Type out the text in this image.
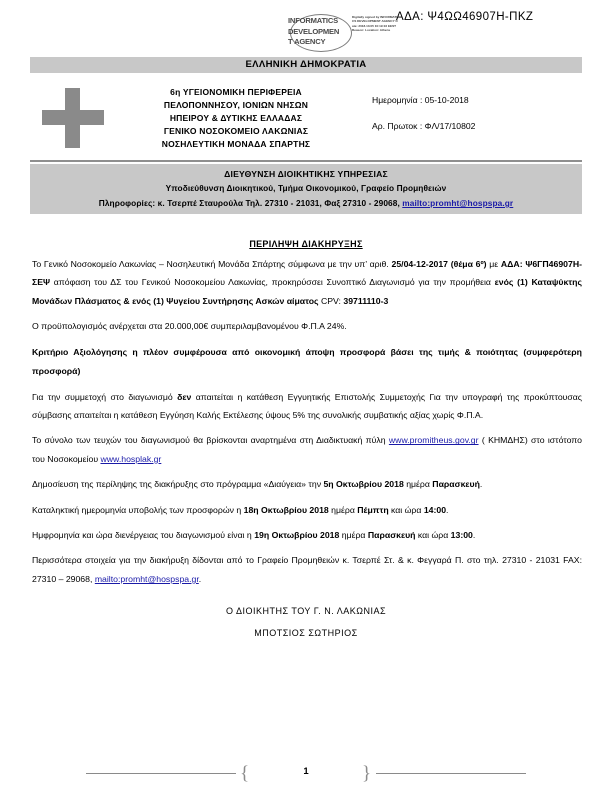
INFORMATICS
DEVELOPMEN
T AGENCY
Digitally signed by INFORMATICS DEVELOPMENT AGENCY Date: 2018.10.05 10:19:16 EEST Reason: Location: Athens
ΑΔΑ: Ψ4ΩΩ46907Η-ΠΚΖ
ΕΛΛΗΝΙΚΗ ΔΗΜΟΚΡΑΤΙΑ
6η ΥΓΕΙΟΝΟΜΙΚΗ ΠΕΡΙΦΕΡΕΙΑ
ΠΕΛΟΠΟΝΝΗΣΟΥ, ΙΟΝΙΩΝ ΝΗΣΩΝ
ΗΠΕΙΡΟΥ & ΔΥΤΙΚΗΣ ΕΛΛΑΔΑΣ
ΓΕΝΙΚΟ ΝΟΣΟΚΟΜΕΙΟ ΛΑΚΩΝΙΑΣ
ΝΟΣΗΛΕΥΤΙΚΗ ΜΟΝΑΔΑ ΣΠΑΡΤΗΣ
Ημερομηνία : 05-10-2018
Αρ. Πρωτοκ : ΦΛ/17/10802
ΔΙΕΥΘΥΝΣΗ ΔΙΟΙΚΗΤΙΚΗΣ ΥΠΗΡΕΣΙΑΣ
Υποδιεύθυνση Διοικητικού, Τμήμα Οικονομικού, Γραφείο Προμηθειών
Πληροφορίες: κ. Τσερπέ Σταυρούλα Τηλ. 27310 - 21031, Φαξ 27310 - 29068, mailto:promht@hospspa.gr
ΠΕΡΙΛΗΨΗ ΔΙΑΚΗΡΥΞΗΣ

Το Γενικό Νοσοκομείο Λακωνίας – Νοσηλευτική Μονάδα Σπάρτης σύμφωνα με την υπ’ αριθ. 25/04-12-2017 (θέμα 6º) με ΑΔΑ: Ψ6ΓΠ46907Η-ΣΕΨ απόφαση του ΔΣ του Γενικού Νοσοκομείου Λακωνίας, προκηρύσσει Συνοπτικό Διαγωνισμό για την προμήθεια ενός (1) Καταψύκτης Μονάδων Πλάσματος & ενός (1) Ψυγείου Συντήρησης Ασκών αίματος CPV: 39711110-3

Ο προϋπολογισμός ανέρχεται στα 20.000,00€ συμπεριλαμβανομένου Φ.Π.Α 24%.

Κριτήριο Αξιολόγησης η πλέον συμφέρουσα από οικονομική άποψη προσφορά βάσει της τιμής & ποιότητας (συμφερότερη προσφορά)

Για την συμμετοχή στο διαγωνισμό δεν απαιτείται η κατάθεση Εγγυητικής Επιστολής Συμμετοχής Για την υπογραφή της προκύπτουσας σύμβασης απαιτείται η κατάθεση Εγγύηση Καλής Εκτέλεσης ύψους 5% της συνολικής συμβατικής αξίας χωρίς Φ.Π.Α.

Το σύνολο των τευχών του διαγωνισμού θα βρίσκονται αναρτημένα στη Διαδικτυακή πύλη www.promitheus.gov.gr ( ΚΗΜΔΗΣ) στο ιστότοπο του Νοσοκομείου www.hosplak.gr

Δημοσίευση της περίληψης της διακήρυξης στο πρόγραμμα «Διαύγεια» την 5η Οκτωβρίου 2018 ημέρα Παρασκευή.

Καταληκτική ημερομηνία υποβολής των προσφορών η 18η Οκτωβρίου 2018 ημέρα Πέμπτη και ώρα 14:00.

Ημφρομηνία και ώρα διενέργειας του διαγωνισμού είναι η 19η Οκτωβρίου 2018 ημέρα Παρασκευή και ώρα 13:00.

Περισσότερα στοιχεία για την διακήρυξη δίδονται από το Γραφείο Προμηθειών κ. Τσερπέ Στ. & κ. Φεγγαρά Π. στο τηλ. 27310 - 21031 FAX: 27310 – 29068, mailto:promht@hospspa.gr.

Ο ΔΙΟΙΚΗΤΗΣ ΤΟΥ Γ. Ν. ΛΑΚΩΝΙΑΣ
ΜΠΟΤΣΙΟΣ ΣΩΤΗΡΙΟΣ
{	1	}
